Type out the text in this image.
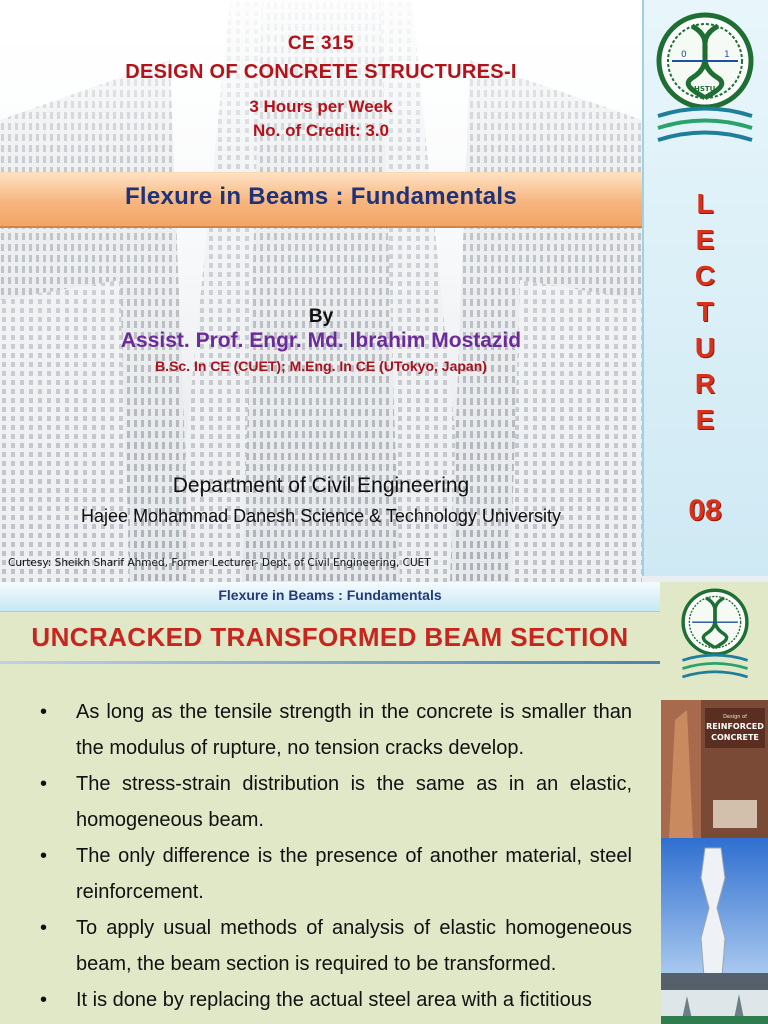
CE 315
DESIGN OF CONCRETE STRUCTURES-I
3 Hours per Week
No. of Credit: 3.0
Flexure in Beams : Fundamentals
By
Assist. Prof. Engr. Md. Ibrahim Mostazid
B.Sc. In CE (CUET); M.Eng. In CE (UTokyo, Japan)
Department of Civil Engineering
Hajee Mohammad Danesh Science & Technology University
Curtesy: Sheikh Sharif Ahmed, Former Lecturer- Dept. of Civil Engineering, CUET
0	1
HSTU
L
E
C
T
U
R
E
08
Flexure in Beams : Fundamentals
UNCRACKED TRANSFORMED BEAM SECTION
• As long as the tensile strength in the concrete is smaller than the modulus of rupture, no tension cracks develop.
• The stress-strain distribution is the same as in an elastic, homogeneous beam.
• The only difference is the presence of another material, steel reinforcement.
• To apply usual methods of analysis of elastic homogeneous beam, the beam section is required to be transformed.
• It is done by replacing the actual steel area with a fictitious
Design of
REINFORCED
CONCRETE
